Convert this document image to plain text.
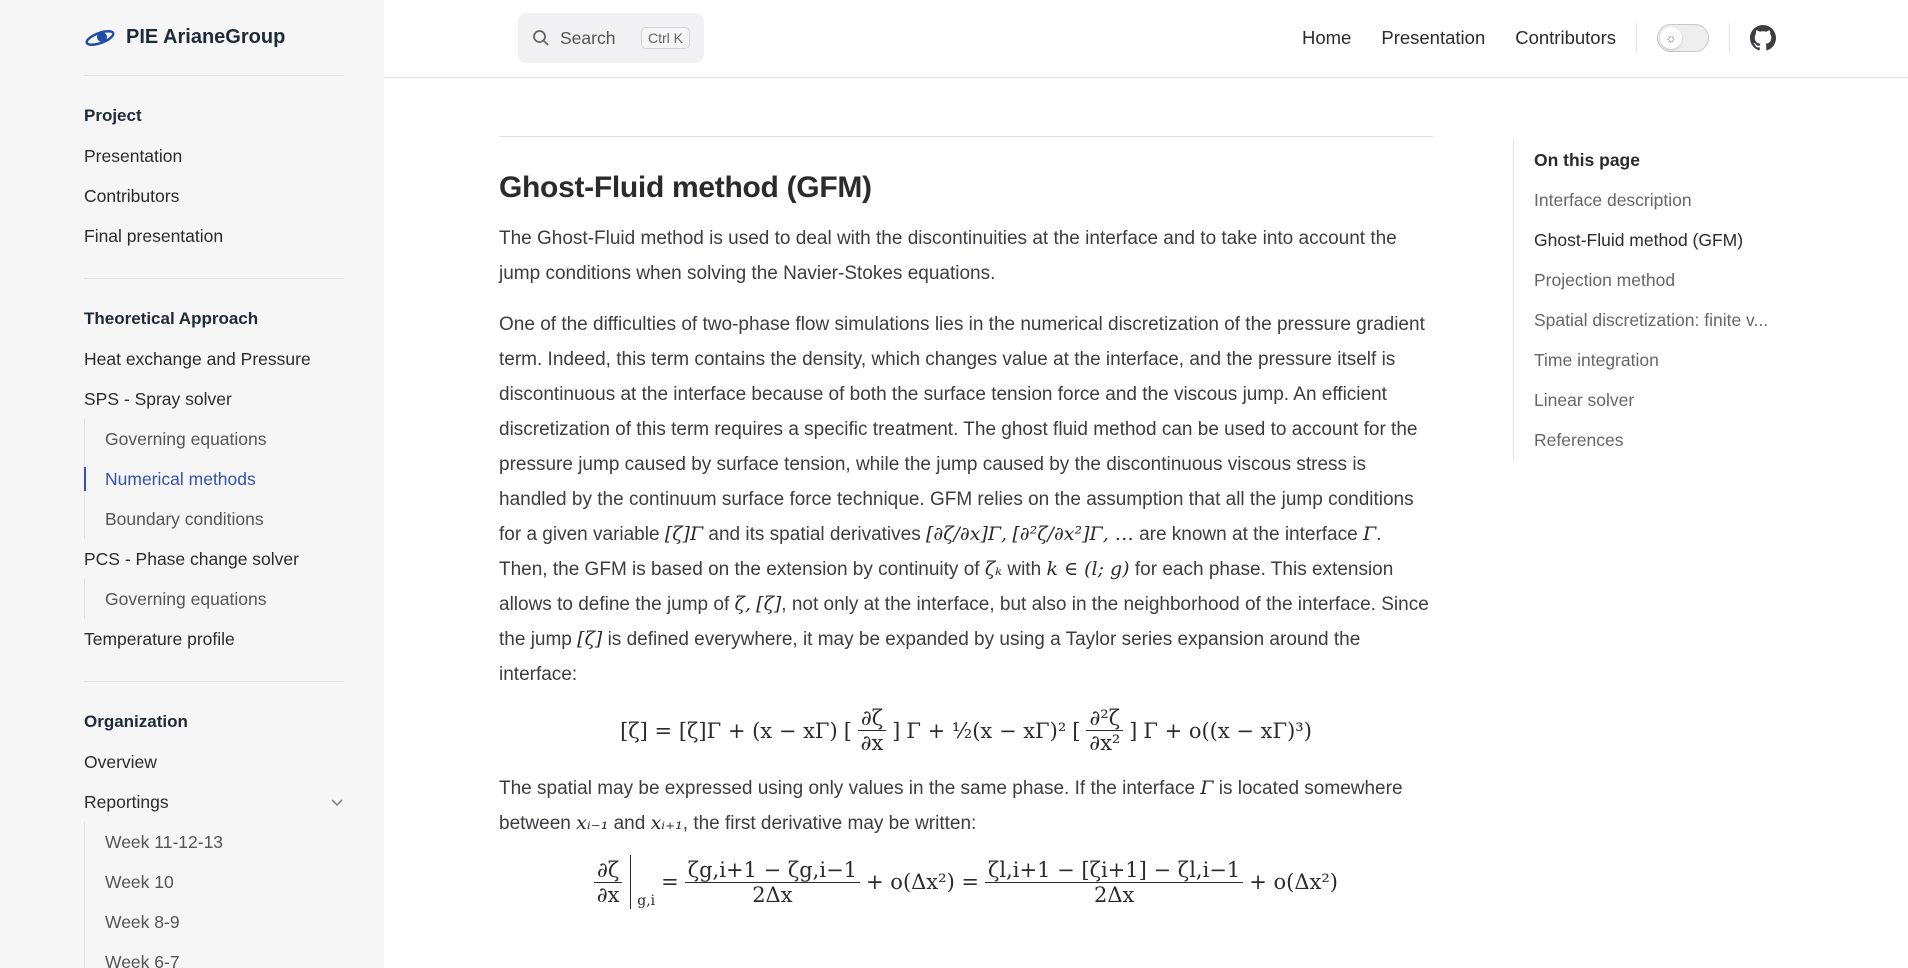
PIE ArianeGroup
Project
Presentation
Contributors
Final presentation
Theoretical Approach
Heat exchange and Pressure
SPS - Spray solver
Governing equations
Numerical methods
Boundary conditions
PCS - Phase change solver
Governing equations
Temperature profile
Organization
Overview
Reportings
Week 11-12-13
Week 10
Week 8-9
Week 6-7
Search	Ctrl K	Home Presentation Contributors	☼
Ghost-Fluid method (GFM)

The Ghost-Fluid method is used to deal with the discontinuities at the interface and to take into account the jump conditions when solving the Navier-Stokes equations.

One of the difficulties of two-phase flow simulations lies in the numerical discretization of the pressure gradient term. Indeed, this term contains the density, which changes value at the interface, and the pressure itself is discontinuous at the interface because of both the surface tension force and the viscous jump. An efficient discretization of this term requires a specific treatment. The ghost fluid method can be used to account for the pressure jump caused by surface tension, while the jump caused by the discontinuous viscous stress is handled by the continuum surface force technique. GFM relies on the assumption that all the jump conditions for a given variable [ζ]Γ and its spatial derivatives [∂ζ/∂x]Γ, [∂²ζ/∂x²]Γ, … are known at the interface Γ. Then, the GFM is based on the extension by continuity of ζₖ with k ∈ (l; g) for each phase. This extension allows to define the jump of ζ, [ζ], not only at the interface, but also in the neighborhood of the interface. Since the jump [ζ] is defined everywhere, it may be expanded by using a Taylor series expansion around the interface:

[ζ] = [ζ]Γ + (x − xΓ) [ $\frac{\partial\zeta}{\partial x}$ ] Γ + ½(x − xΓ)² [ $\frac{\text{∂²ζ}}{\text{∂x²}}$ ] Γ + o((x − xΓ)³)

The spatial may be expressed using only values in the same phase. If the interface Γ is located somewhere between xᵢ₋₁ and xᵢ₊₁, the first derivative may be written:

$\frac{\partial\zeta}{\partial x} g,i$
= $\frac{\zeta g,i+1 - \zeta g,i-1}{2\Delta x} + o(\Delta x^2) = \frac{\zeta l,i+1 - [\zeta i+1] - \zeta l,i-1}{2\Delta x} + o(\Delta x^2)$
On this page
Interface description
Ghost-Fluid method (GFM)
Projection method
Spatial discretization: finite v...
Time integration
Linear solver
References
